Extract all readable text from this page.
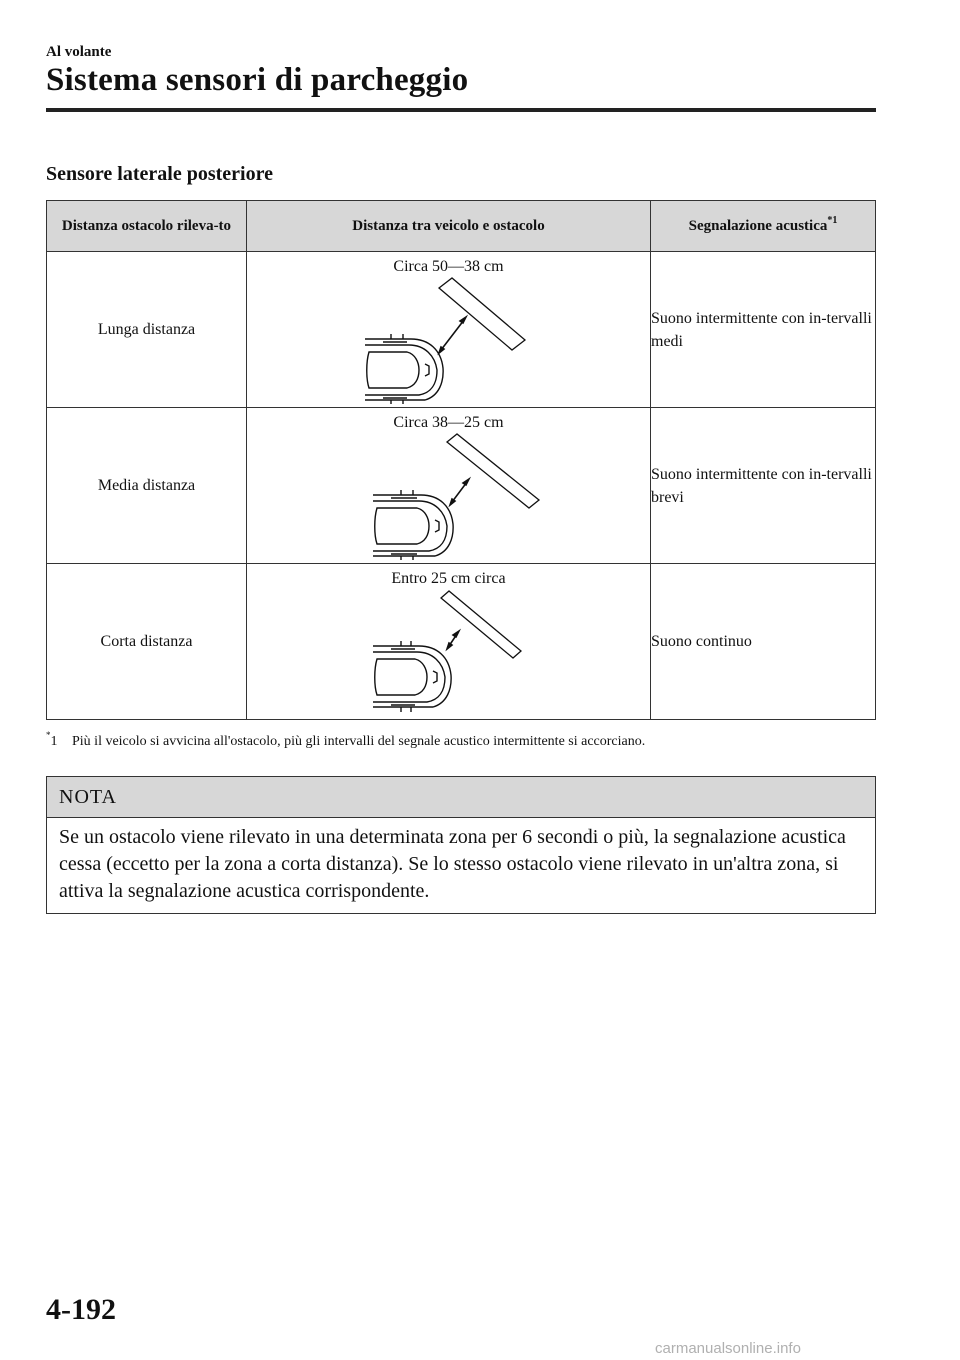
Al volante
Sistema sensori di parcheggio
Sensore laterale posteriore
Distanza ostacolo rileva-to	Distanza tra veicolo e ostacolo	Segnalazione acustica$^{*1}$
Lunga distanza	Circa 50—38 cm	Suono intermittente con in-tervalli medi
Media distanza	Circa 38—25 cm	Suono intermittente con in-tervalli brevi
Corta distanza	Entro 25 cm circa	Suono continuo
*1 Più il veicolo si avvicina all'ostacolo, più gli intervalli del segnale acustico intermittente si accorciano.
NOTA
Se un ostacolo viene rilevato in una determinata zona per 6 secondi o più, la segnalazione acustica cessa (eccetto per la zona a corta distanza). Se lo stesso ostacolo viene rilevato in un'altra zona, si attiva la segnalazione acustica corrispondente.
4-192
carmanualsonline.info
